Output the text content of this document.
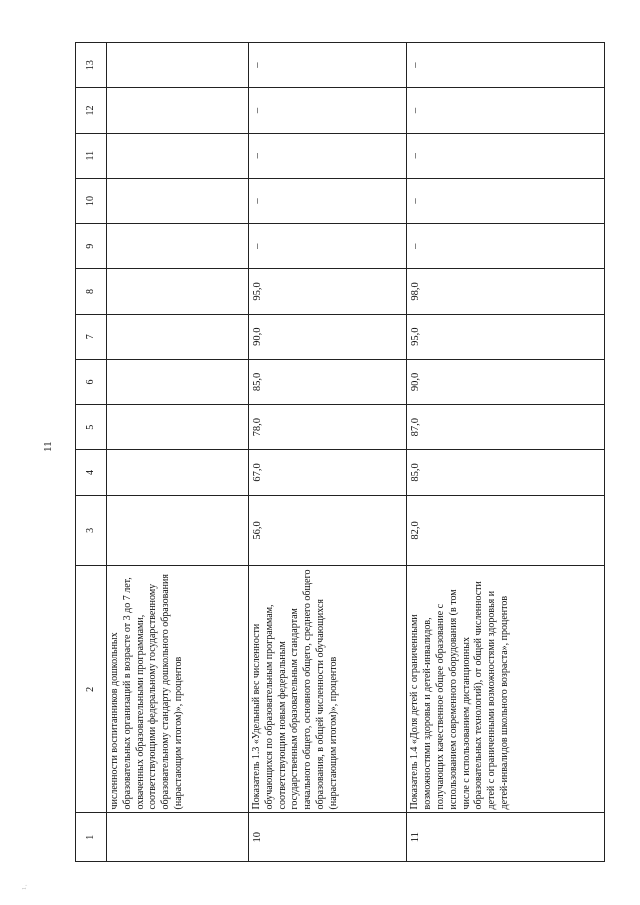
11
1,
1	2	3	4	5	6	7	8	9	10	11	12	13
	численности воспитанников дошкольных образовательных организаций в возрасте от 3 до 7 лет, охваченных образовательными программами, соответствующими федеральному государственному образовательному стандарту дошкольного образования (нарастающим итогом)», процентов											
10	Показатель 1.3 «Удельный вес численности обучающихся по образовательным программам, соответствующим новым федеральным государственным образовательным стандартам начального общего, основного общего, среднего общего образования, в общей численности обучающихся (нарастающим итогом)», процентов	56,0	67,0	78,0	85,0	90,0	95,0	–	–	–	–	–
11	Показатель 1.4 «Доля детей с ограниченными возможностями здоровья и детей-инвалидов, получающих качественное общее образование с использованием современного оборудования (в том числе с использованием дистанционных образовательных технологий), от общей численности детей с ограниченными возможностями здоровья и детей-инвалидов школьного возраста», процентов	82,0	85,0	87,0	90,0	95,0	98,0	–	–	–	–	–
